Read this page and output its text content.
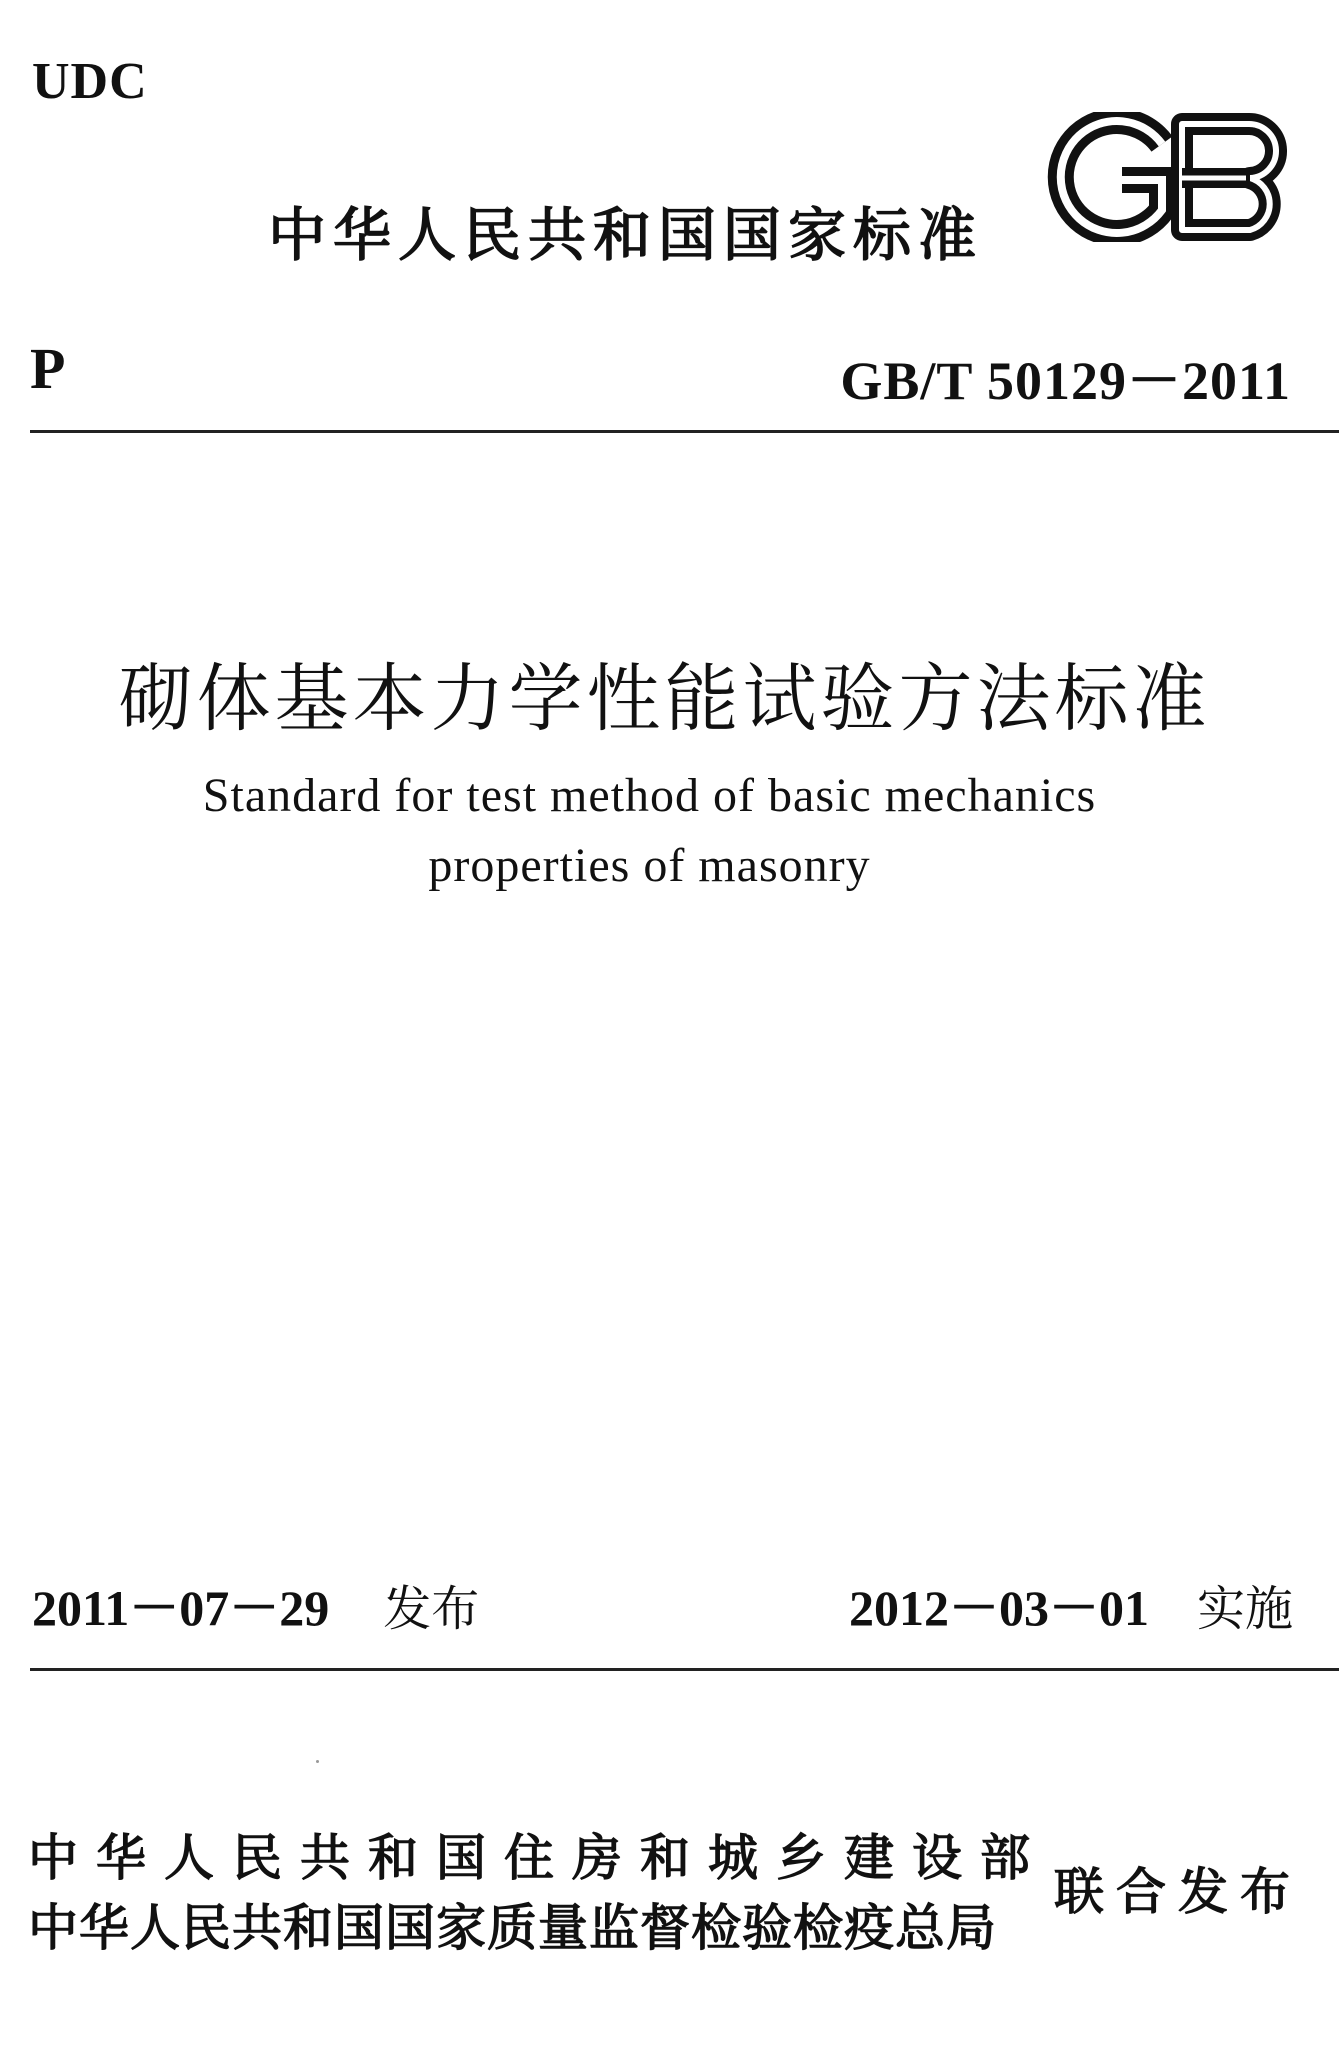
UDC
中华人民共和国国家标准
P	GB/T 50129－2011
砌体基本力学性能试验方法标准
Standard for test method of basic mechanics
properties of masonry
2011－07－29 发布	2012－03－01 实施
中华人民共和国住房和城乡建设部
中华人民共和国国家质量监督检验检疫总局
联合发布
